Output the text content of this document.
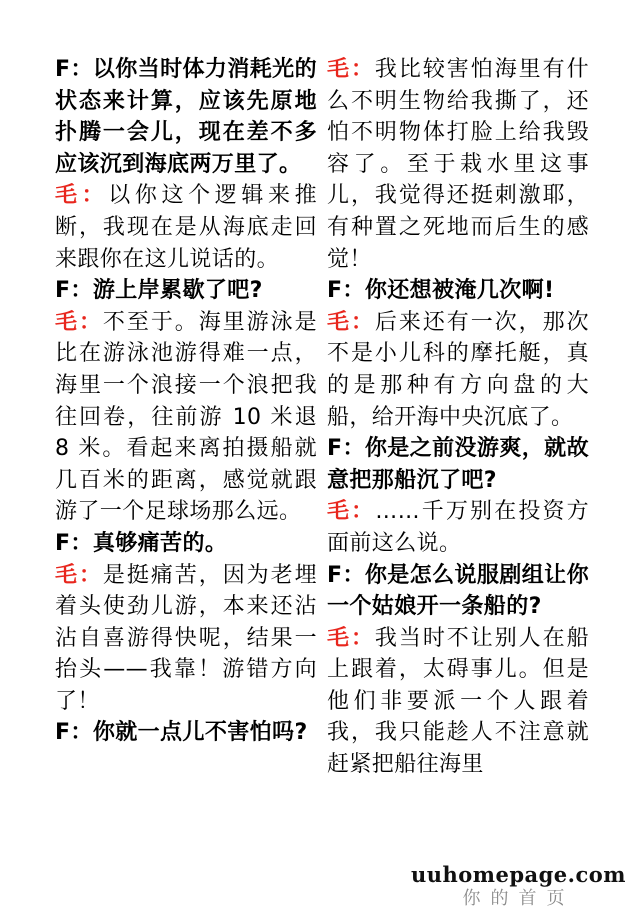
F：以你当时体力消耗光的状态来计算，应该先原地扑腾一会儿，现在差不多应该沉到海底两万里了。

毛：以你这个逻辑来推断，我现在是从海底走回来跟你在这儿说话的。

F：游上岸累歇了吧?

毛：不至于。海里游泳是比在游泳池游得难一点，海里一个浪接一个浪把我往回卷，往前游 10 米退 8 米。看起来离拍摄船就几百米的距离，感觉就跟游了一个足球场那么远。

F：真够痛苦的。

毛：是挺痛苦，因为老埋着头使劲儿游，本来还沾沾自喜游得快呢，结果一抬头——我靠！游错方向了！

F：你就一点儿不害怕吗?

毛：我比较害怕海里有什么不明生物给我撕了，还怕不明物体打脸上给我毁容了。至于栽水里这事儿，我觉得还挺刺激耶，有种置之死地而后生的感觉！

F：你还想被淹几次啊!

毛：后来还有一次，那次不是小儿科的摩托艇，真的是那种有方向盘的大船，给开海中央沉底了。

F：你是之前没游爽，就故意把那船沉了吧?

毛：……千万别在投资方面前这么说。

F：你是怎么说服剧组让你一个姑娘开一条船的?

毛：我当时不让别人在船上跟着，太碍事儿。但是他们非要派一个人跟着我，我只能趁人不注意就赶紧把船往海里

uuhomepage.com
你的首页
